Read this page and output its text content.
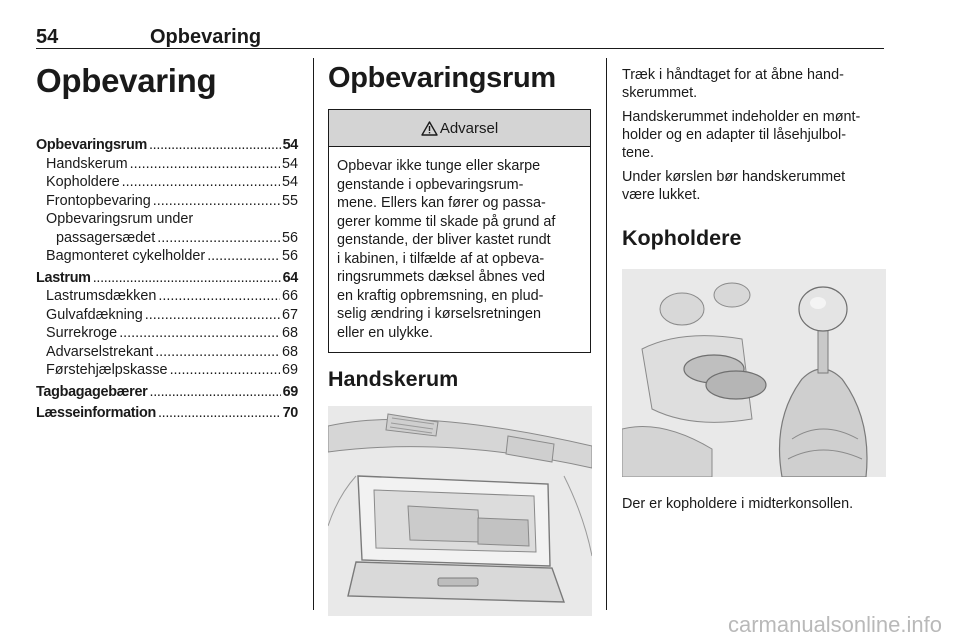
54	Opbevaring
Opbevaring
Opbevaringsrum .....	54
Handskerum .....	54
Kopholdere .....	54
Frontopbevaring .....	55
Opbevaringsrum under
passagersædet .....	56
Bagmonteret cykelholder .....	56
Lastrum .....	64
Lastrumsdækken .....	66
Gulvafdækning .....	67
Surrekroge .....	68
Advarselstrekant .....	68
Førstehjælpskasse .....	69
Tagbagagebærer .....	69
Læsseinformation .....	70
Opbevaringsrum
Advarsel
Opbevar ikke tunge eller skarpe
genstande i opbevaringsrum-
mene. Ellers kan fører og passa-
gerer komme til skade på grund af
genstande, der bliver kastet rundt
i kabinen, i tilfælde af at opbeva-
ringsrummets dæksel åbnes ved
en kraftig opbremsning, en plud-
selig ændring i kørselsretningen
eller en ulykke.
Handskerum

Træk i håndtaget for at åbne hand-
skerummet.

Handskerummet indeholder en mønt-
holder og en adapter til låsehjulbol-
tene.

Under kørslen bør handskerummet
være lukket.

Kopholdere

Der er kopholdere i midterkonsollen.

carmanualsonline.info
